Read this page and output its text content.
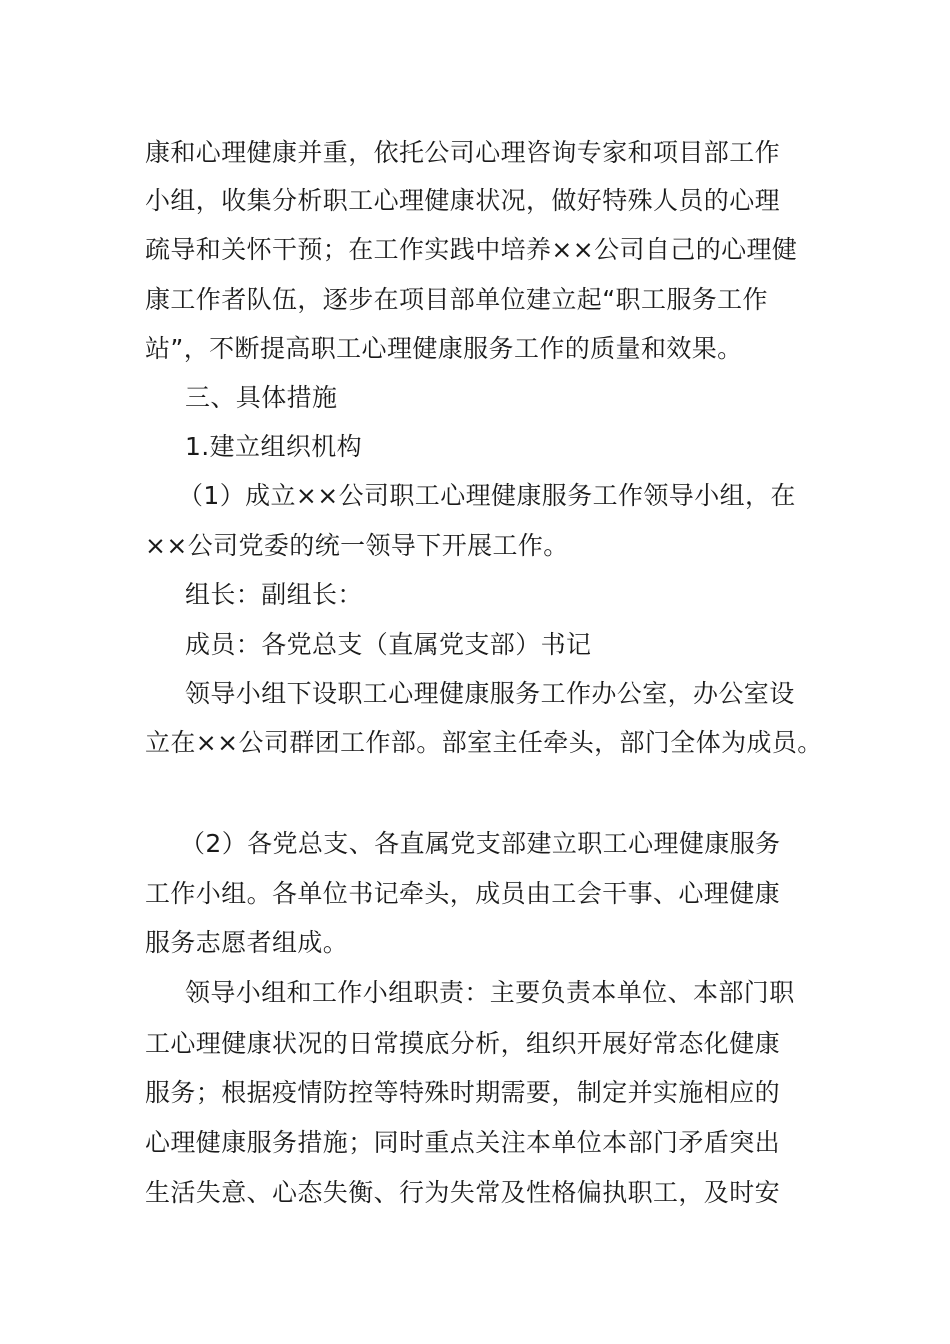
康和心理健康并重，依托公司心理咨询专家和项目部工作
小组，收集分析职工心理健康状况，做好特殊人员的心理
疏导和关怀干预；在工作实践中培养××公司自己的心理健
康工作者队伍，逐步在项目部单位建立起“职工服务工作
站”，不断提高职工心理健康服务工作的质量和效果。
三、具体措施
1.建立组织机构
（1）成立××公司职工心理健康服务工作领导小组，在
××公司党委的统一领导下开展工作。
组长：副组长：
成员：各党总支（直属党支部）书记
领导小组下设职工心理健康服务工作办公室，办公室设
立在××公司群团工作部。部室主任牵头，部门全体为成员。
（2）各党总支、各直属党支部建立职工心理健康服务
工作小组。各单位书记牵头，成员由工会干事、心理健康
服务志愿者组成。
领导小组和工作小组职责：主要负责本单位、本部门职
工心理健康状况的日常摸底分析，组织开展好常态化健康
服务；根据疫情防控等特殊时期需要，制定并实施相应的
心理健康服务措施；同时重点关注本单位本部门矛盾突出
生活失意、心态失衡、行为失常及性格偏执职工，及时安
